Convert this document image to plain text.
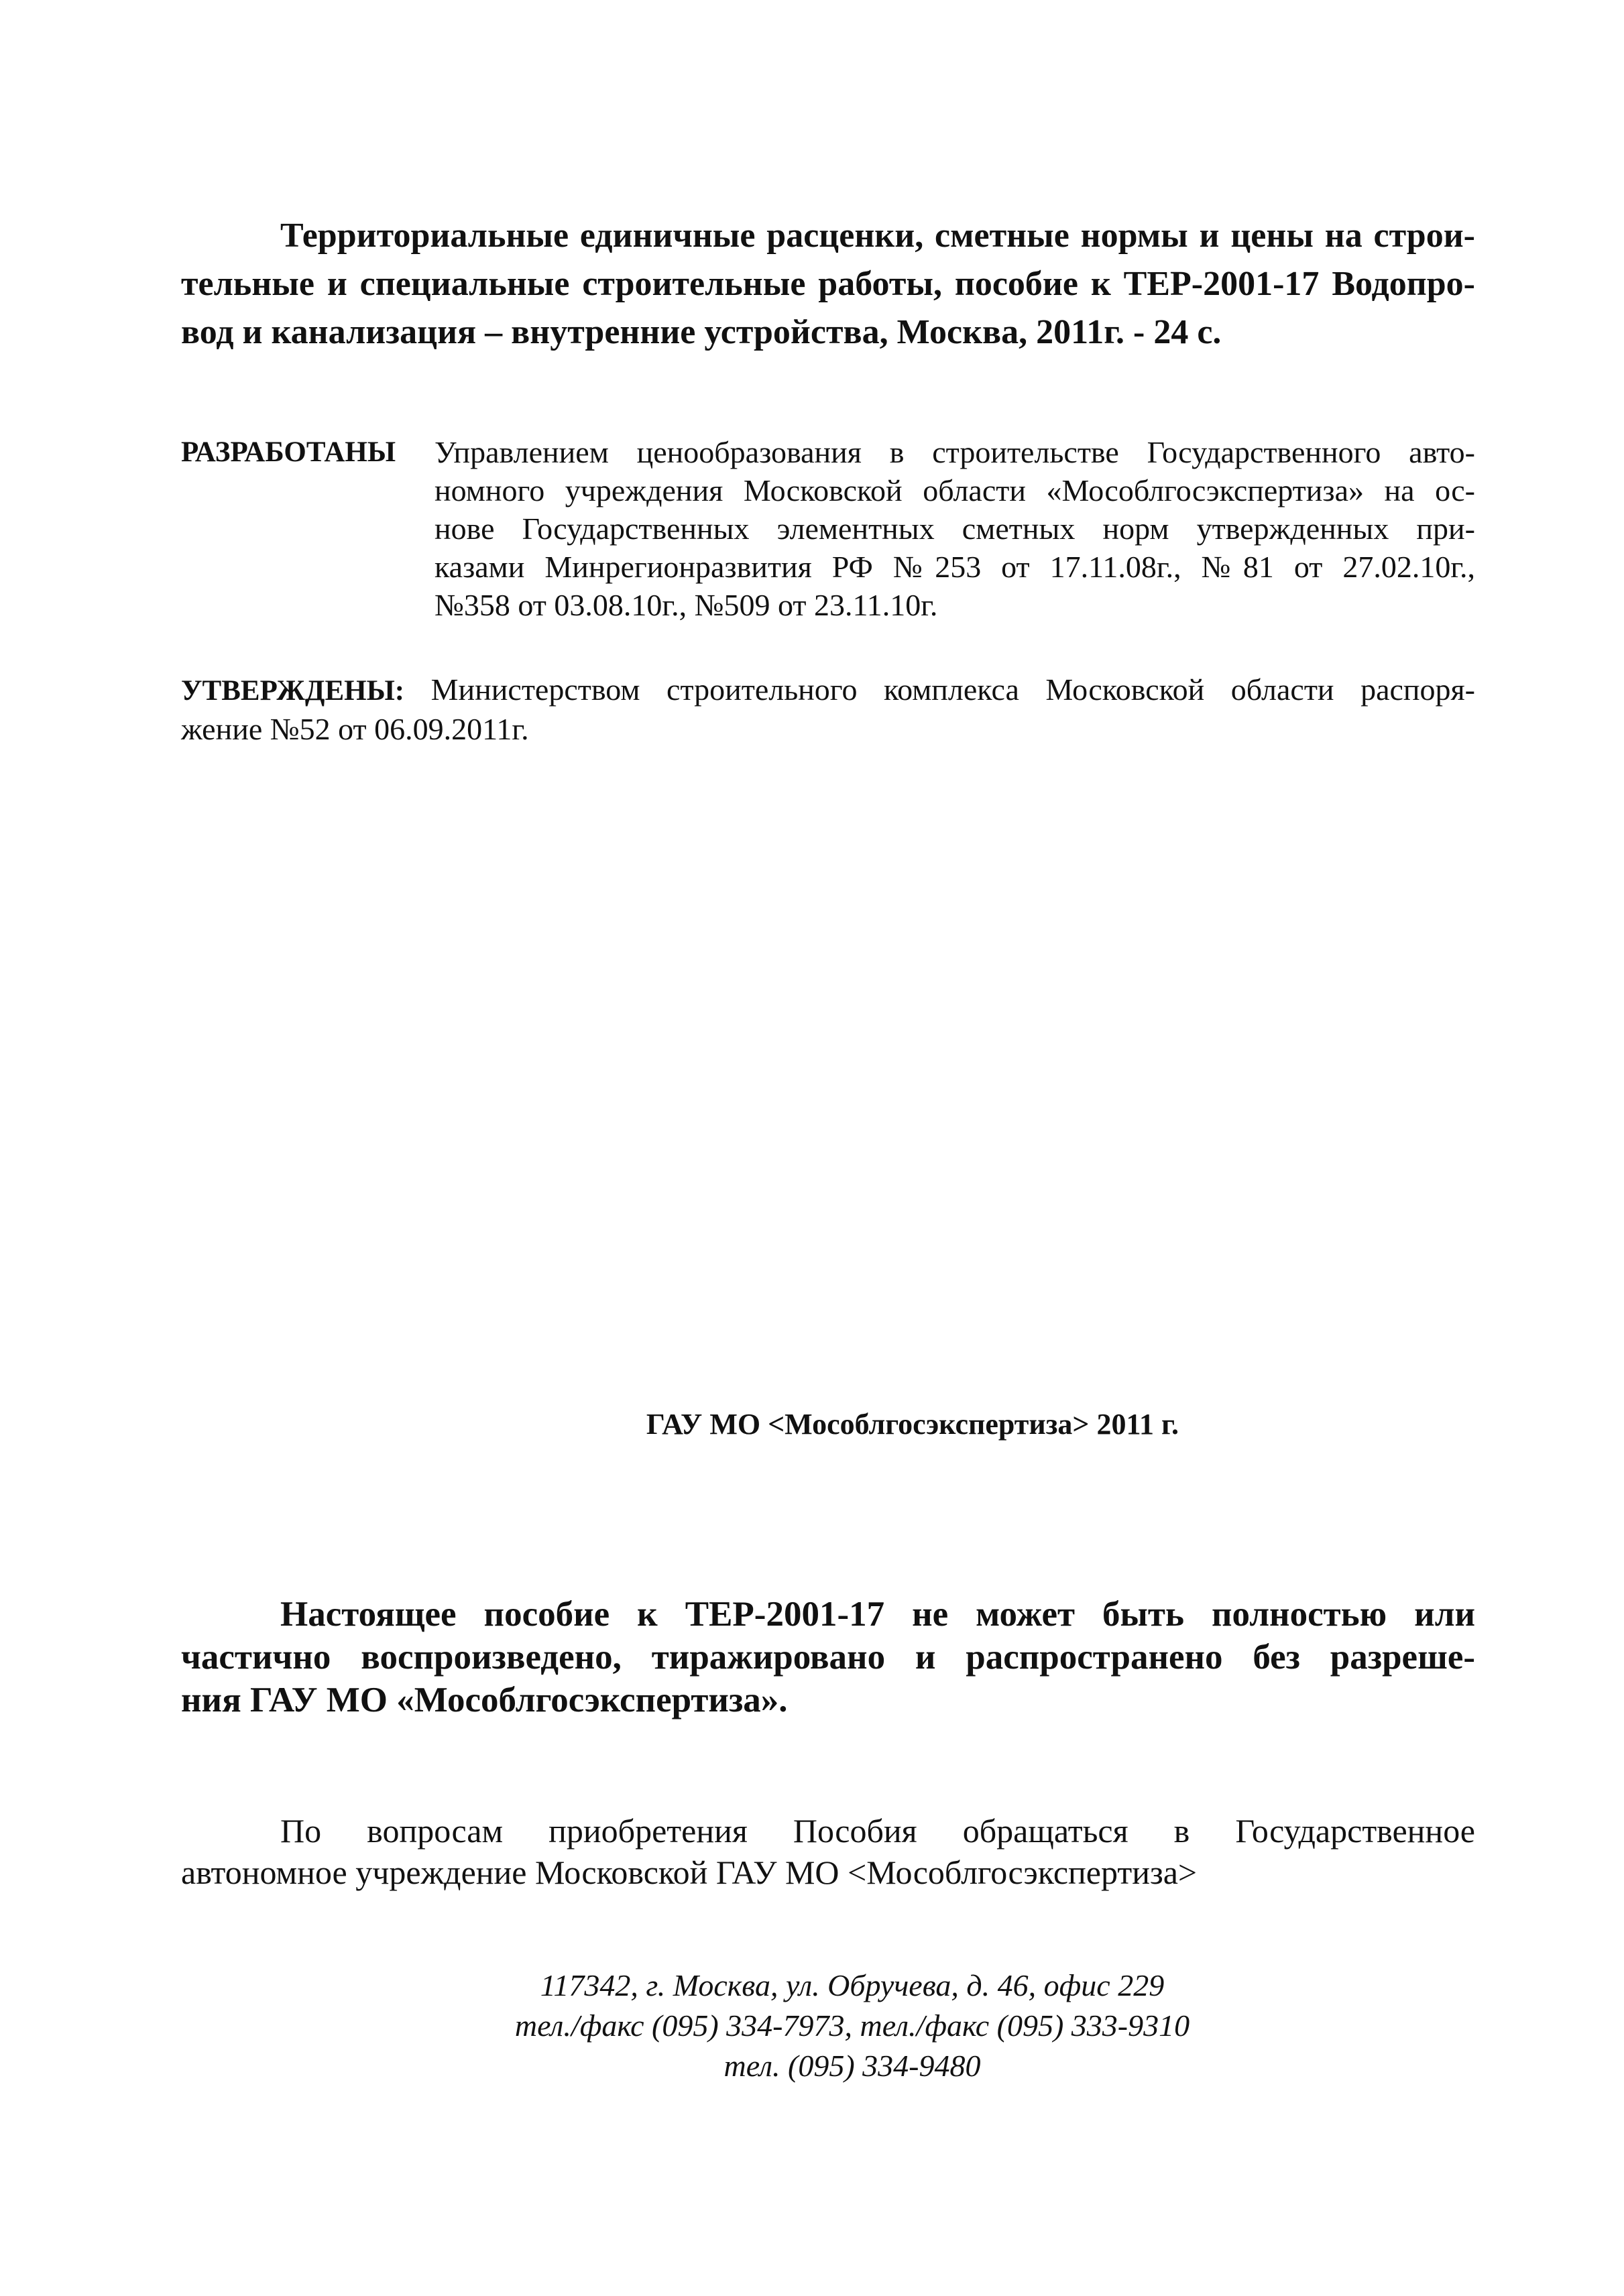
Территориальные единичные расценки, сметные нормы и цены на строи-
тельные и специальные строительные работы, пособие к ТЕР-2001-17 Водопро-
вод и канализация – внутренние устройства, Москва, 2011г. - 24 с.
РАЗРАБОТАНЫ Управлением ценообразования в строительстве Государственного авто-
номного учреждения Московской области «Мособлгосэкспертиза» на ос-
нове Государственных элементных сметных норм утвержденных при-
казами Минрегионразвития РФ №253 от 17.11.08г., №81 от 27.02.10г.,
№358 от 03.08.10г., №509 от 23.11.10г.
УТВЕРЖДЕНЫ: Министерством строительного комплекса Московской области распоря-
жение №52 от 06.09.2011г.
ГАУ МО <Мособлгосэкспертиза> 2011 г.
Настоящее пособие к ТЕР-2001-17 не может быть полностью или
частично воспроизведено, тиражировано и распространено без разреше-
ния ГАУ МО «Мособлгосэкспертиза».
По вопросам приобретения Пособия обращаться в Государственное
автономное учреждение Московской ГАУ МО <Мособлгосэкспертиза>
117342, г. Москва, ул. Обручева, д. 46, офис 229
тел./факс (095) 334-7973, тел./факс (095) 333-9310
тел. (095) 334-9480
